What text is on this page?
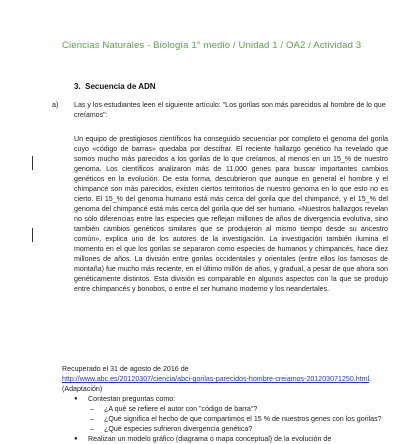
Ciencias Naturales - Biología 1° medio / Unidad 1 / OA2 / Actividad 3
3. Secuencia de ADN
a) Las y los estudiantes leen el siguiente artículo: "Los gorilas son más parecidos al hombre de lo que creíamos":

Un equipo de prestigiosos científicos ha conseguido secuenciar por completo el genoma del gorila cuyo «código de barras» quedaba por descifrar. El reciente hallazgo genético ha revelado que somos mucho más parecidos a los gorilas de lo que creíamos, al menos en un 15_% de nuestro genoma. Los científicos analizaron más de 11.000 genes para buscar importantes cambios genéticos en la evolución. De esta forma, descubrieron que aunque en general el hombre y el chimpancé son más parecidos, existen ciertos territorios de nuestro genoma en lo que esto no es cierto. El 15_% del genoma humano está más cerca del gorila que del chimpancé, y el 15_% del genoma del chimpancé está más cerca del gorila que del ser humano. «Nuestros hallazgos revelan no sólo diferencias entre las especies que reflejan millones de años de divergencia evolutiva, sino también cambios genéticos similares que se produjeron al mismo tiempo desde su ancestro común», explica uno de los autores de la investigación. La investigación también ilumina el momento en el que los gorilas se separaron como especies de humanos y chimpancés, hace diez millones de años. La división entre gorilas occidentales y orientales (entre ellos los famosos de montaña) fue mucho más reciente, en el último millón de años, y gradual, a pesar de que ahora son genéticamente distintos. Esta división es comparable en algunos aspectos con la que se produjo entre chimpancés y bonobos, o entre el ser humano moderno y los neandertales.

Recuperado el 31 de agosto de 2016 de
http://www.abc.es/20120307/ciencia/abci-gorilas-parecidos-hombre-creiamos-201203071250.html. (Adaptación)
● Contestan preguntas como:
– ¿A qué se refiere el autor con "código de barra"?
– ¿Qué significa el hecho de que compartimos el 15 % de nuestros genes con los gorilas?
– ¿Qué especies sufrieron divergencia genética?
● Realizan un modelo gráfico (diagrama o mapa conceptual) de la evolución de
